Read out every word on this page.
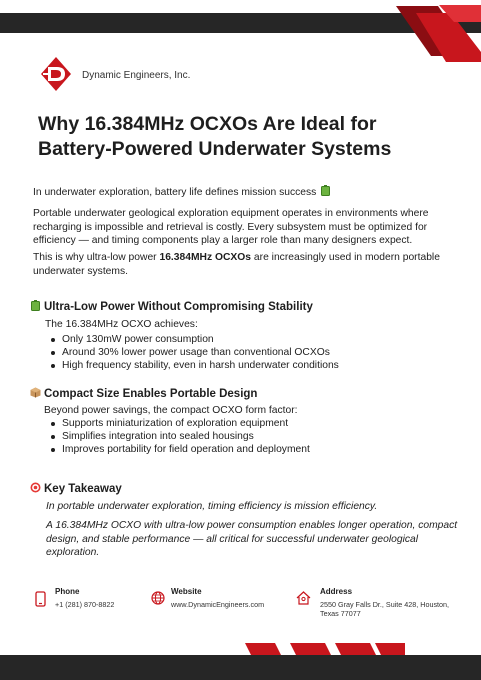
Dynamic Engineers, Inc.
Why 16.384MHz OCXOs Are Ideal for
Battery-Powered Underwater Systems

In underwater exploration, battery life defines mission success

Portable underwater geological exploration equipment operates in environments where recharging is impossible and retrieval is costly. Every subsystem must be optimized for efficiency — and timing components play a larger role than many designers expect.

This is why ultra-low power 16.384MHz OCXOs are increasingly used in modern portable underwater systems.

Ultra-Low Power Without Compromising Stability
The 16.384MHz OCXO achieves:
Only 130mW power consumption
Around 30% lower power usage than conventional OCXOs
High frequency stability, even in harsh underwater conditions
Compact Size Enables Portable Design
Beyond power savings, the compact OCXO form factor:
Supports miniaturization of exploration equipment
Simplifies integration into sealed housings
Improves portability for field operation and deployment
Key Takeaway

In portable underwater exploration, timing efficiency is mission efficiency.

A 16.384MHz OCXO with ultra-low power consumption enables longer operation, compact design, and stable performance — all critical for successful underwater geological exploration.

Phone
+1 (281) 870-8822
Website
www.DynamicEngineers.com
Address
2550 Gray Falls Dr., Suite 428, Houston,
Texas 77077
